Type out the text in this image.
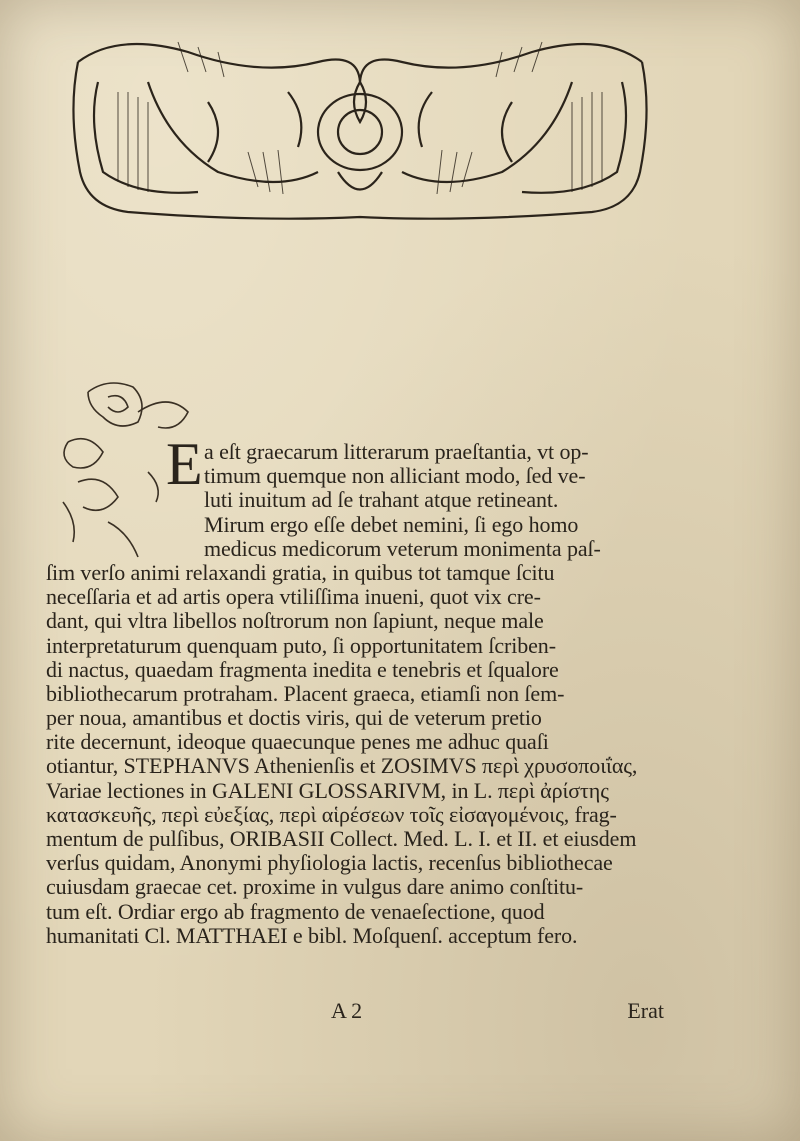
E a eſt graecarum litterarum praeſtantia, vt op-
timum quemque non alliciant modo, ſed ve-
luti inuitum ad ſe trahant atque retineant.
Mirum ergo eſſe debet nemini, ſi ego homo
medicus medicorum veterum monimenta paſ-
ſim verſo animi relaxandi gratia, in quibus tot tamque ſcitu
neceſſaria et ad artis opera vtiliſſima inueni, quot vix cre-
dant, qui vltra libellos noſtrorum non ſapiunt, neque male
interpretaturum quenquam puto, ſi opportunitatem ſcriben-
di nactus, quaedam fragmenta inedita e tenebris et ſqualore
bibliothecarum protraham. Placent graeca, etiamſi non ſem-
per noua, amantibus et doctis viris, qui de veterum pretio
rite decernunt, ideoque quaecunque penes me adhuc quaſi
otiantur, STEPHANVS Athenienſis et ZOSIMVS περὶ χρυσοποιΐας,
Variae lectiones in GALENI GLOSSARIVM, in L. περὶ ἀρίστης
κατασκευῆς, περὶ εὐεξίας, περὶ αἱρέσεων τοῖς εἰσαγομένοις, frag-
mentum de pulſibus, ORIBASII Collect. Med. L. I. et II. et eiusdem
verſus quidam, Anonymi phyſiologia lactis, recenſus bibliothecae
cuiusdam graecae cet. proxime in vulgus dare animo conſtitu-
tum eſt. Ordiar ergo ab fragmento de venaeſectione, quod
humanitati Cl. MATTHAEI e bibl. Moſquenſ. acceptum fero.
A 2	Erat
